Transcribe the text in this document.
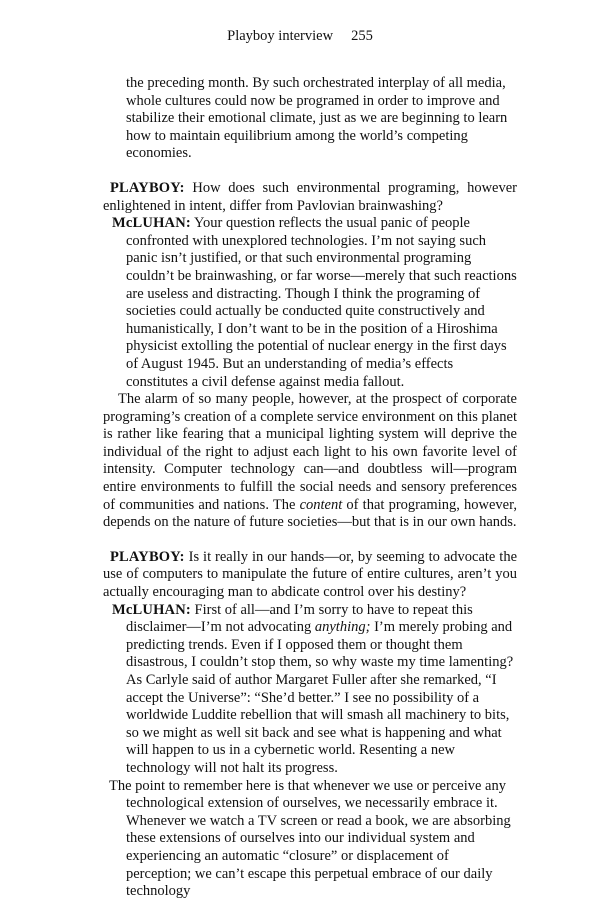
Playboy interview 255

the preceding month. By such orchestrated interplay of all media, whole cultures could now be programed in order to improve and stabilize their emotional climate, just as we are beginning to learn how to maintain equilibrium among the world’s competing economies.

PLAYBOY: How does such environmental programing, however enlightened in intent, differ from Pavlovian brainwashing?

McLUHAN: Your question reflects the usual panic of people confronted with unexplored technologies. I’m not saying such panic isn’t justified, or that such environmental programing couldn’t be brainwashing, or far worse—merely that such reactions are useless and distracting. Though I think the programing of societies could actually be conducted quite constructively and humanistically, I don’t want to be in the position of a Hiroshima physicist extolling the potential of nuclear energy in the first days of August 1945. But an understanding of media’s effects constitutes a civil defense against media fallout.

The alarm of so many people, however, at the prospect of corporate programing’s creation of a complete service environment on this planet is rather like fearing that a municipal lighting system will deprive the individual of the right to adjust each light to his own favorite level of intensity. Computer technology can—and doubtless will—program entire environments to fulfill the social needs and sensory preferences of communities and nations. The content of that programing, however, depends on the nature of future societies—but that is in our own hands.

PLAYBOY: Is it really in our hands—or, by seeming to advocate the use of computers to manipulate the future of entire cultures, aren’t you actually encouraging man to abdicate control over his destiny?

McLUHAN: First of all—and I’m sorry to have to repeat this disclaimer—I’m not advocating anything; I’m merely probing and predicting trends. Even if I opposed them or thought them disastrous, I couldn’t stop them, so why waste my time lamenting? As Carlyle said of author Margaret Fuller after she remarked, “I accept the Universe”: “She’d better.” I see no possibility of a worldwide Luddite rebellion that will smash all machinery to bits, so we might as well sit back and see what is happening and what will happen to us in a cybernetic world. Resenting a new technology will not halt its progress.

The point to remember here is that whenever we use or perceive any technological extension of ourselves, we necessarily embrace it. Whenever we watch a TV screen or read a book, we are absorbing these extensions of ourselves into our individual system and experiencing an automatic “closure” or displacement of perception; we can’t escape this perpetual embrace of our daily technology
